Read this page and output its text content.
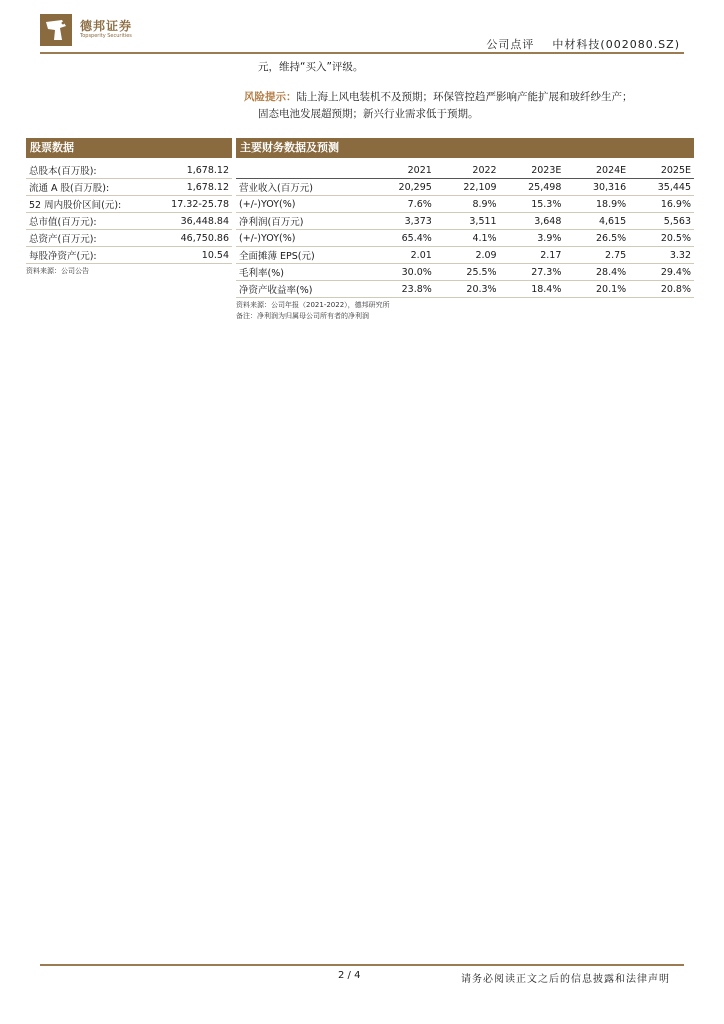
德邦证券
Topsperity Securities
公司点评 中材科技(002080.SZ)
元，维持“买入”评级。
风险提示：陆上海上风电装机不及预期；环保管控趋严影响产能扩展和玻纤纱生产；
固态电池发展超预期；新兴行业需求低于预期。
股票数据
总股本(百万股):	1,678.12
流通 A 股(百万股):	1,678.12
52 周内股价区间(元):	17.32-25.78
总市值(百万元):	36,448.84
总资产(百万元):	46,750.86
每股净资产(元):	10.54
资料来源：公司公告
主要财务数据及预测
	2021	2022	2023E	2024E	2025E
营业收入(百万元)	20,295	22,109	25,498	30,316	35,445
(+/-)YOY(%)	7.6%	8.9%	15.3%	18.9%	16.9%
净利润(百万元)	3,373	3,511	3,648	4,615	5,563
(+/-)YOY(%)	65.4%	4.1%	3.9%	26.5%	20.5%
全面摊薄 EPS(元)	2.01	2.09	2.17	2.75	3.32
毛利率(%)	30.0%	25.5%	27.3%	28.4%	29.4%
净资产收益率(%)	23.8%	20.3%	18.4%	20.1%	20.8%
资料来源：公司年报（2021-2022），德邦研究所
备注：净利润为归属母公司所有者的净利润
2 / 4	请务必阅读正文之后的信息披露和法律声明
